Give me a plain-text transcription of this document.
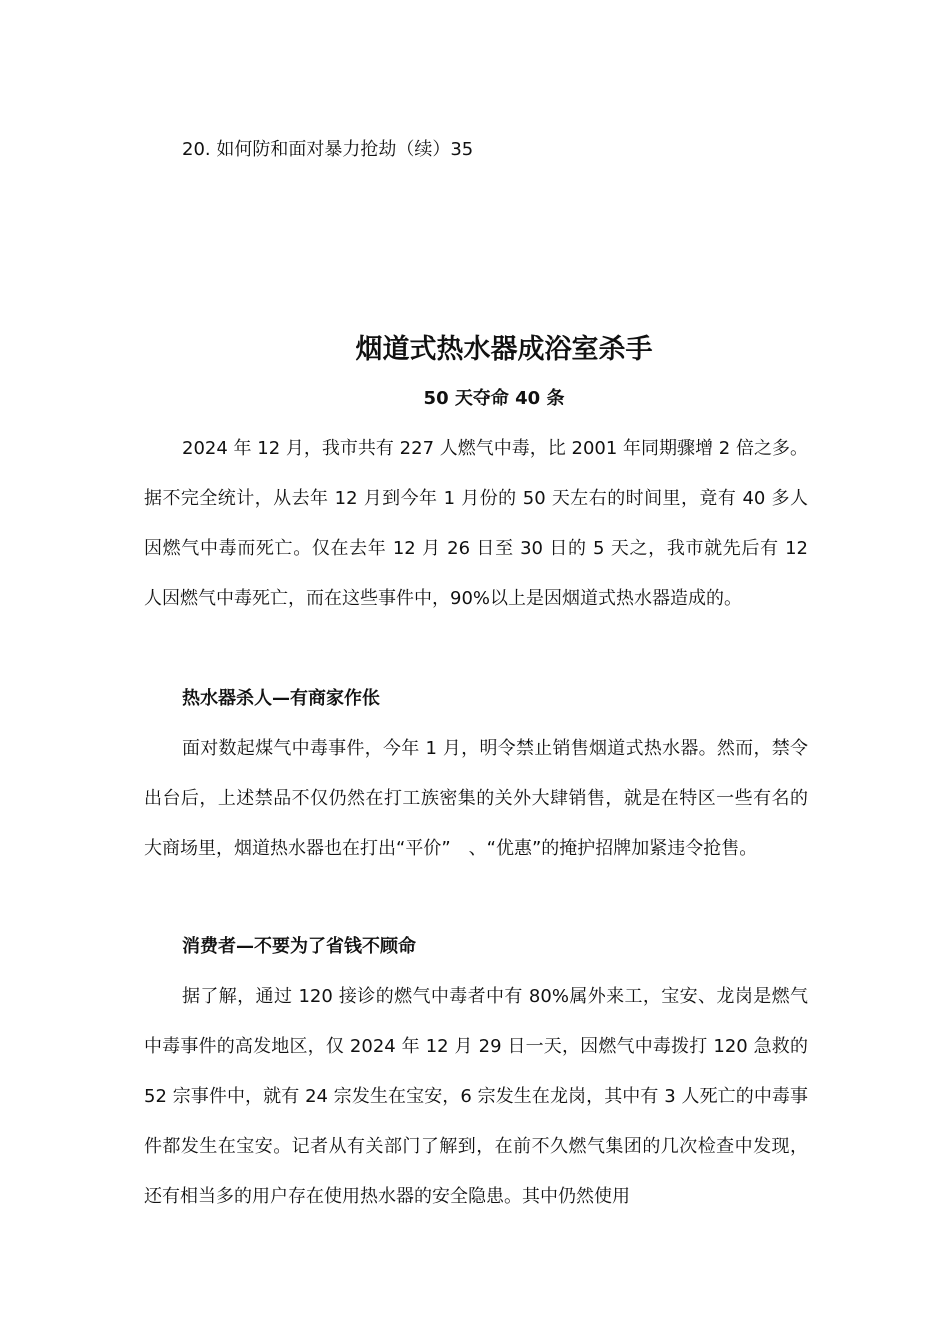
20. 如何防和面对暴力抢劫（续）35
烟道式热水器成浴室杀手
50 天夺命 40 条

2024 年 12 月，我市共有 227 人燃气中毒，比 2001 年同期骤增 2 倍之多。据不完全统计，从去年 12 月到今年 1 月份的 50 天左右的时间里，竟有 40 多人因燃气中毒而死亡。仅在去年 12 月 26 日至 30 日的 5 天之，我市就先后有 12 人因燃气中毒死亡，而在这些事件中，90%以上是因烟道式热水器造成的。

热水器杀人—有商家作伥

面对数起煤气中毒事件，今年 1 月，明令禁止销售烟道式热水器。然而，禁令出台后，上述禁品不仅仍然在打工族密集的关外大肆销售，就是在特区一些有名的大商场里，烟道热水器也在打出“平价”　、“优惠”的掩护招牌加紧违令抢售。

消费者—不要为了省钱不顾命

据了解，通过 120 接诊的燃气中毒者中有 80%属外来工，宝安、龙岗是燃气中毒事件的高发地区，仅 2024 年 12 月 29 日一天，因燃气中毒拨打 120 急救的 52 宗事件中，就有 24 宗发生在宝安，6 宗发生在龙岗，其中有 3 人死亡的中毒事件都发生在宝安。记者从有关部门了解到，在前不久燃气集团的几次检查中发现，还有相当多的用户存在使用热水器的安全隐患。其中仍然使用
